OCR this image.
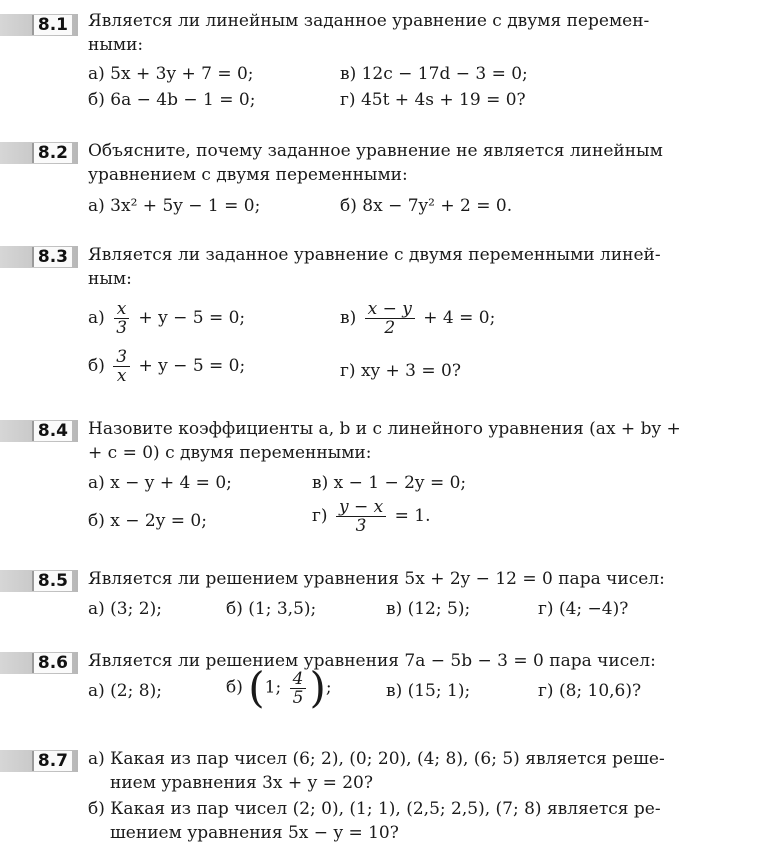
8.1 Является ли линейным заданное уравнение с двумя перемен-
ными:
а) 5x + 3y + 7 = 0;	в) 12c − 17d − 3 = 0;
б) 6a − 4b − 1 = 0;	г) 45t + 4s + 19 = 0?
8.2 Объясните, почему заданное уравнение не является линейным
уравнением с двумя переменными:
а) 3x² + 5y − 1 = 0;	б) 8x − 7y² + 2 = 0.
8.3 Является ли заданное уравнение с двумя переменными линей-
ным:
$а) \frac{x}{3} + y - 5 = 0$;	$в) \frac{x - y}{2} + 4 = 0$;
$б) \frac{3}{x} + y - 5 = 0$;	г) xy + 3 = 0?
8.4 Назовите коэффициенты a, b и c линейного уравнения (ax + by +
+ c = 0) с двумя переменными:
а) x − y + 4 = 0;	в) x − 1 − 2y = 0;
б) x − 2y = 0;	$г) \frac{y - x}{3} = 1$.
8.5 Является ли решением уравнения 5x + 2y − 12 = 0 пара чисел:
а) (3; 2);	б) (1; 3,5);	в) (12; 5);	г) (4; −4)?
8.6 Является ли решением уравнения 7a − 5b − 3 = 0 пара чисел:
а) (2; 8);	б) (1; $\frac{4}{5}$ );	в) (15; 1);	г) (8; 10,6)?
8.7 а) Какая из пар чисел (6; 2), (0; 20), (4; 8), (6; 5) является реше-
нием уравнения 3x + y = 20?
б) Какая из пар чисел (2; 0), (1; 1), (2,5; 2,5), (7; 8) является ре-
шением уравнения 5x − y = 10?
